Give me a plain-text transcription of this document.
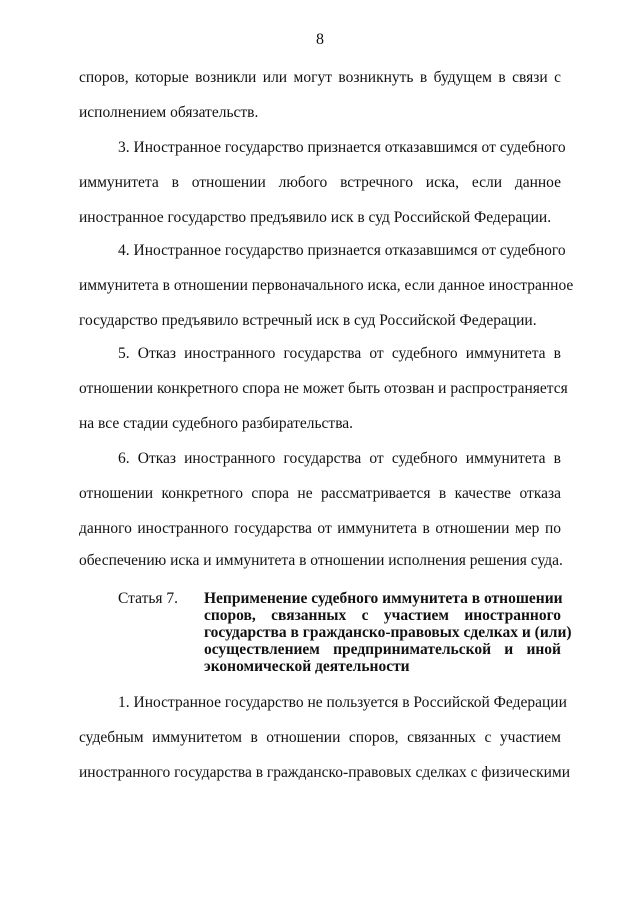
8
споров, которые возникли или могут возникнуть в будущем в связи с
исполнением обязательств.
3. Иностранное государство признается отказавшимся от судебного
иммунитета в отношении любого встречного иска, если данное
иностранное государство предъявило иск в суд Российской Федерации.
4. Иностранное государство признается отказавшимся от судебного
иммунитета в отношении первоначального иска, если данное иностранное
государство предъявило встречный иск в суд Российской Федерации.
5. Отказ иностранного государства от судебного иммунитета в
отношении конкретного спора не может быть отозван и распространяется
на все стадии судебного разбирательства.
6. Отказ иностранного государства от судебного иммунитета в
отношении конкретного спора не рассматривается в качестве отказа
данного иностранного государства от иммунитета в отношении мер по
обеспечению иска и иммунитета в отношении исполнения решения суда.
Статья 7. Неприменение судебного иммунитета в отношении
споров, связанных с участием иностранного
государства в гражданско-правовых сделках и (или)
осуществлением предпринимательской и иной
экономической деятельности
1. Иностранное государство не пользуется в Российской Федерации
судебным иммунитетом в отношении споров, связанных с участием
иностранного государства в гражданско-правовых сделках с физическими
